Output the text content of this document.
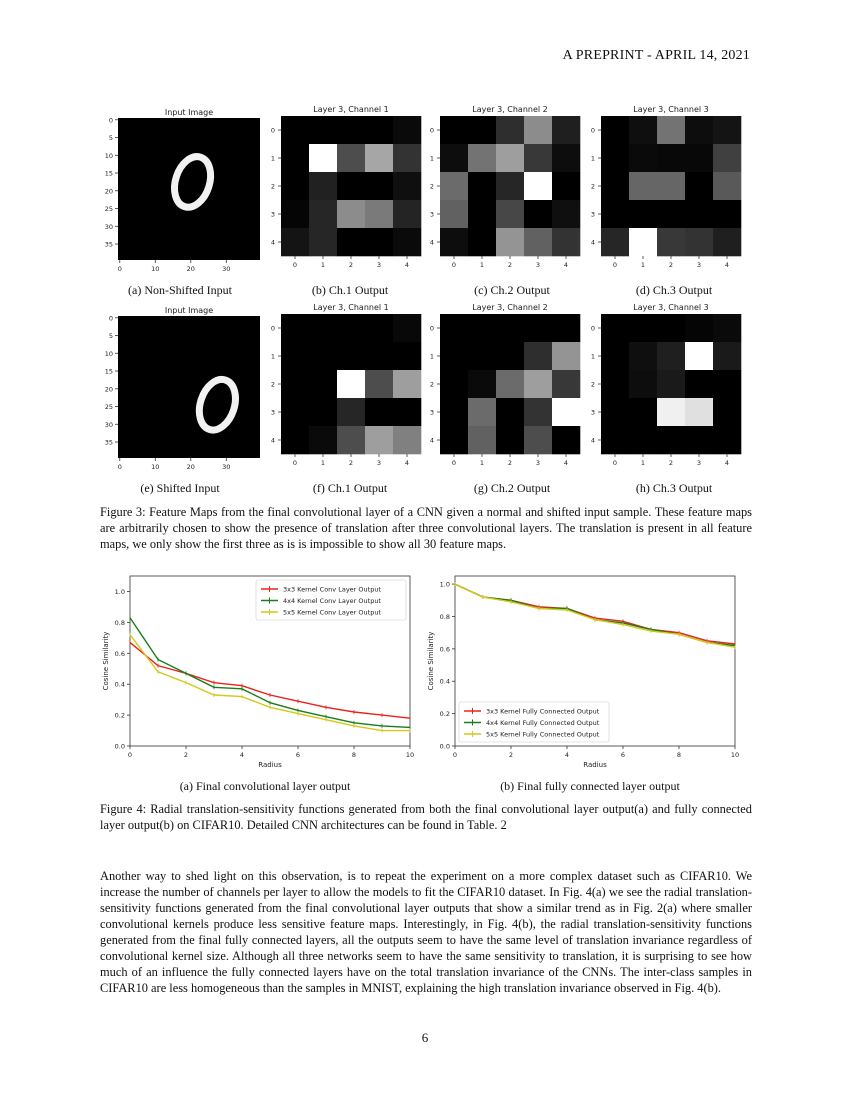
A PREPRINT - APRIL 14, 2021
Input Image
0
5
10
15
20
25
30
35
0	10	20	30
Layer 3, Channel 1
0
0
1
1
2
2
3
3
4
4
Layer 3, Channel 2
0
0
1
1
2
2
3
3
4
4
Layer 3, Channel 3
0
0
1
1
2
2
3
3
4
4
Input Image
0
5
10
15
20
25
30
35
0	10	20	30
Layer 3, Channel 1
0
0
1
1
2
2
3
3
4
4
Layer 3, Channel 2
0
0
1
1
2
2
3
3
4
4
Layer 3, Channel 3
0
0
1
1
2
2
3
3
4
4
(a) Non-Shifted Input	(b) Ch.1 Output	(c) Ch.2 Output	(d) Ch.3 Output
(e) Shifted Input	(f) Ch.1 Output	(g) Ch.2 Output	(h) Ch.3 Output
Figure 3: Feature Maps from the final convolutional layer of a CNN given a normal and shifted input sample. These feature maps are arbitrarily chosen to show the presence of translation after three convolutional layers. The translation is present in all feature maps, we only show the first three as is is impossible to show all 30 feature maps.
0.0
0.2
0.4
0.6
0.8
1.0
0	2	4	6	8	10
Radius
Cosine Similarity
3x3 Kernel Conv Layer Output
4x4 Kernel Conv Layer Output
5x5 Kernel Conv Layer Output
0.0
0.2
0.4
0.6
0.8
1.0
0	2	4	6	8	10
Radius
Cosine Similarity
3x3 Kernel Fully Connected Output
4x4 Kernel Fully Connected Output
5x5 Kernel Fully Connected Output
(a) Final convolutional layer output	(b) Final fully connected layer output
Figure 4: Radial translation-sensitivity functions generated from both the final convolutional layer output(a) and fully connected layer output(b) on CIFAR10. Detailed CNN architectures can be found in Table. 2
Another way to shed light on this observation, is to repeat the experiment on a more complex dataset such as CIFAR10. We increase the number of channels per layer to allow the models to fit the CIFAR10 dataset. In Fig. 4(a) we see the radial translation-sensitivity functions generated from the final convolutional layer outputs that show a similar trend as in Fig. 2(a) where smaller convolutional kernels produce less sensitive feature maps. Interestingly, in Fig. 4(b), the radial translation-sensitivity functions generated from the final fully connected layers, all the outputs seem to have the same level of translation invariance regardless of convolutional kernel size. Although all three networks seem to have the same sensitivity to translation, it is surprising to see how much of an influence the fully connected layers have on the total translation invariance of the CNNs. The inter-class samples in CIFAR10 are less homogeneous than the samples in MNIST, explaining the high translation invariance observed in Fig. 4(b).
6
